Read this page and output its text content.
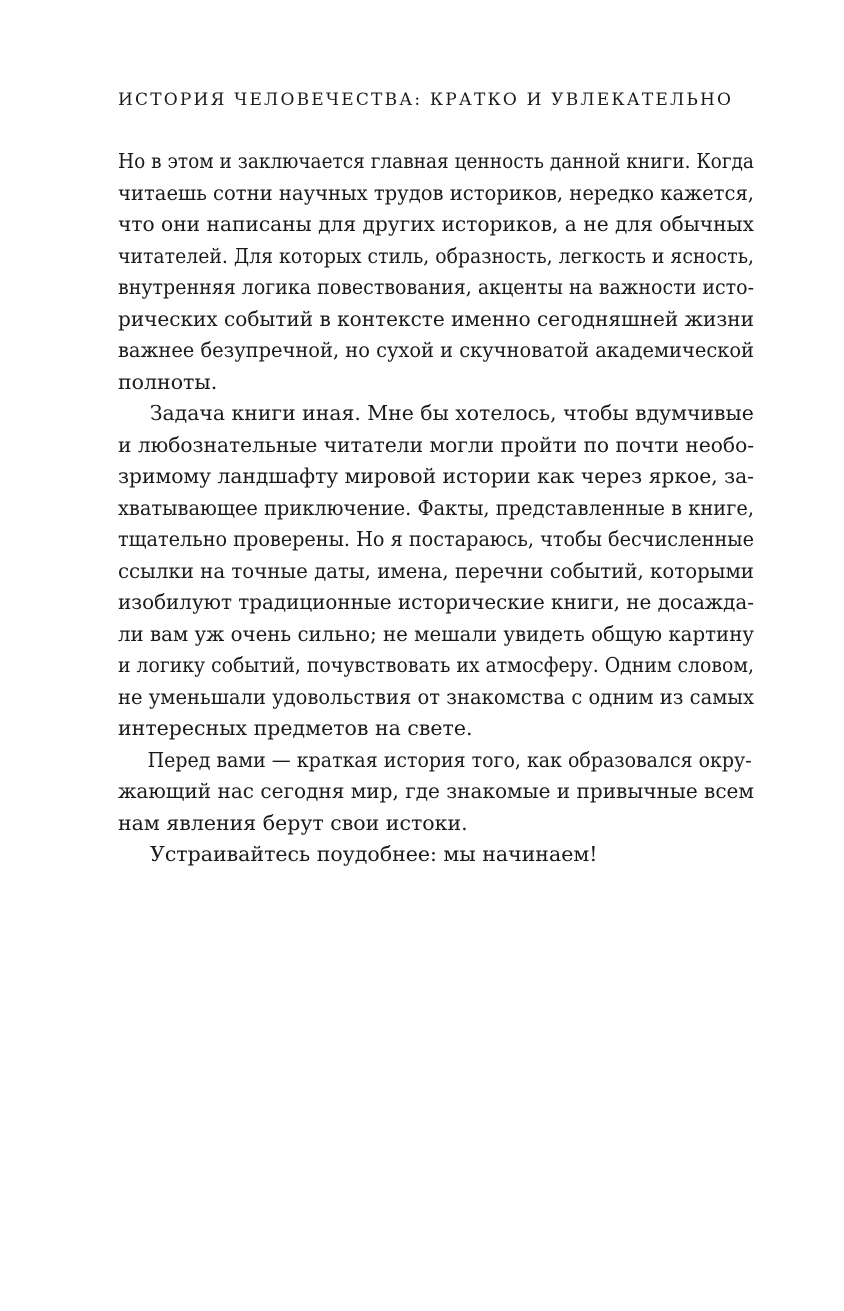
ИСТОРИЯ ЧЕЛОВЕЧЕСТВА: КРАТКО И УВЛЕКАТЕЛЬНО
Но в этом и заключается главная ценность данной книги. Когда
читаешь сотни научных трудов историков, нередко кажется,
что они написаны для других историков, а не для обычных
читателей. Для которых стиль, образность, легкость и ясность,
внутренняя логика повествования, акценты на важности исто-
рических событий в контексте именно сегодняшней жизни
важнее безупречной, но сухой и скучноватой академической
полноты.
Задача книги иная. Мне бы хотелось, чтобы вдумчивые
и любознательные читатели могли пройти по почти необо-
зримому ландшафту мировой истории как через яркое, за-
хватывающее приключение. Факты, представленные в книге,
тщательно проверены. Но я постараюсь, чтобы бесчисленные
ссылки на точные даты, имена, перечни событий, которыми
изобилуют традиционные исторические книги, не досажда-
ли вам уж очень сильно; не мешали увидеть общую картину
и логику событий, почувствовать их атмосферу. Одним словом,
не уменьшали удовольствия от знакомства с одним из самых
интересных предметов на свете.
Перед вами — краткая история того, как образовался окру-
жающий нас сегодня мир, где знакомые и привычные всем
нам явления берут свои истоки.
Устраивайтесь поудобнее: мы начинаем!
